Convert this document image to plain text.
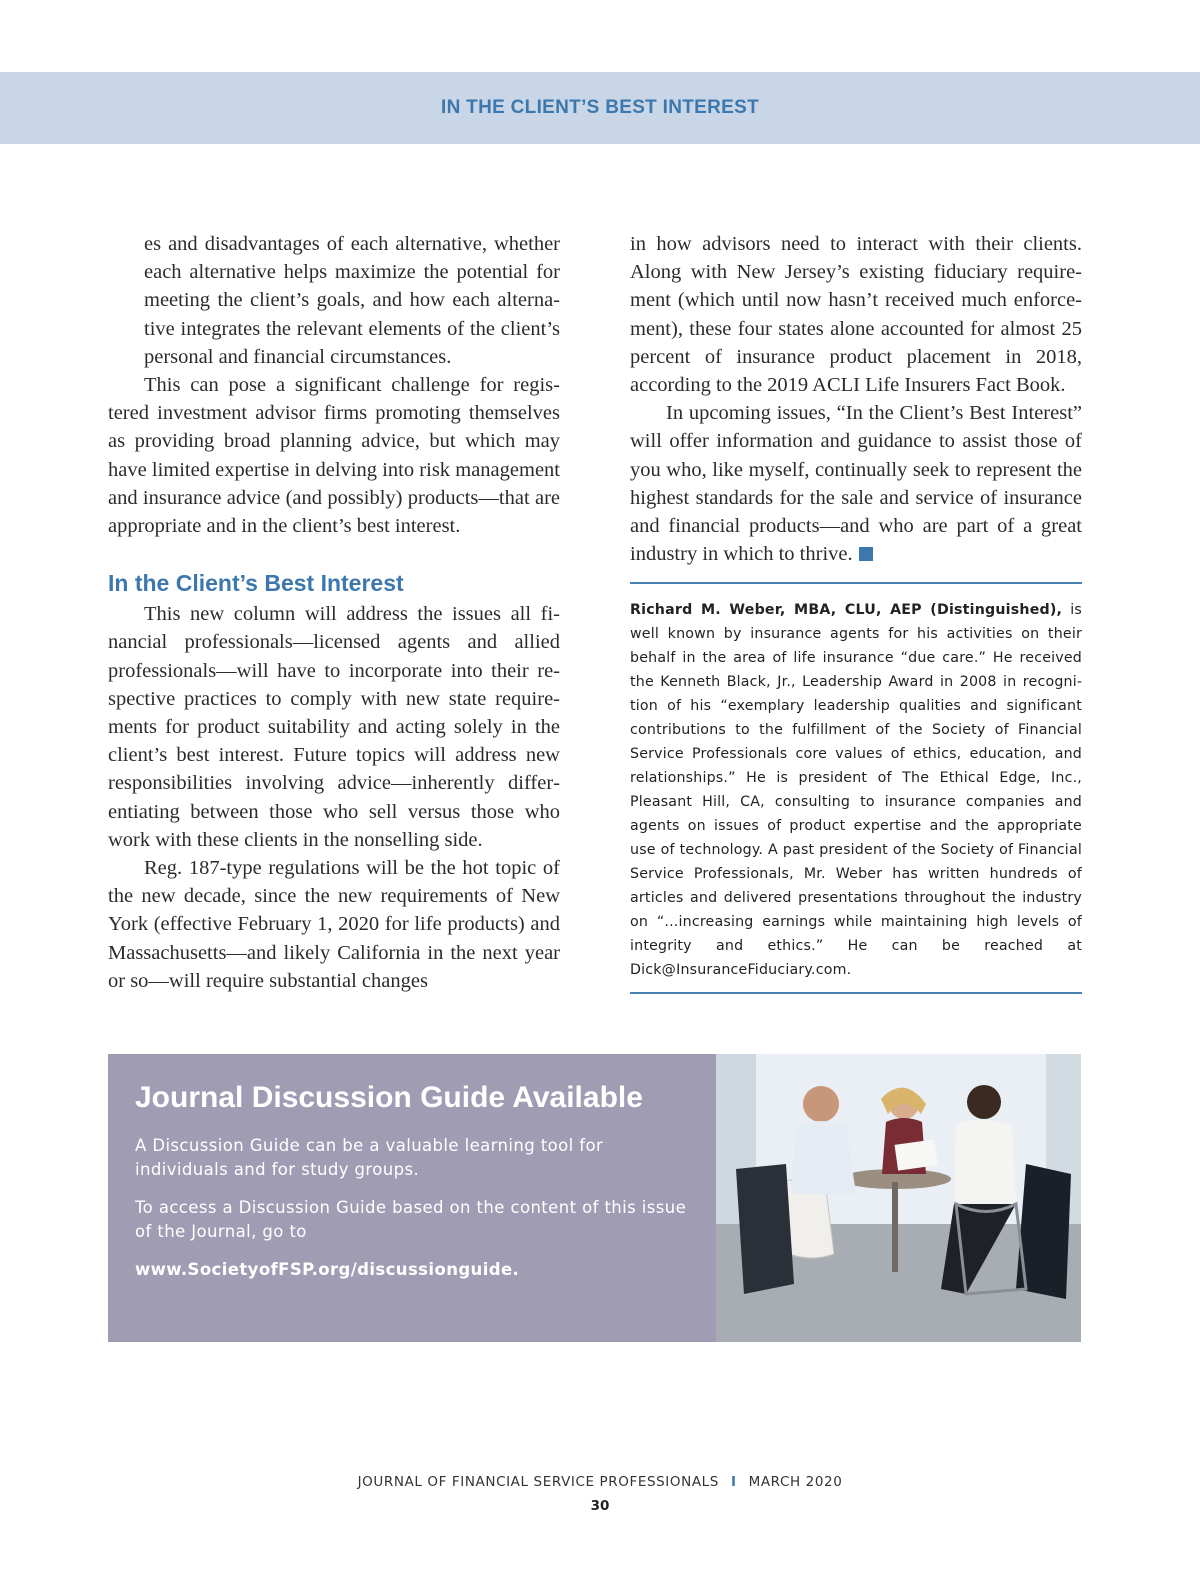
IN THE CLIENT’S BEST INTEREST

es and disadvantages of each alternative, whether each alternative helps maximize the potential for meeting the client’s goals, and how each alternative integrates the relevant elements of the client’s personal and financial circumstances.

This can pose a significant challenge for registered investment advisor firms promoting themselves as providing broad planning advice, but which may have limited expertise in delving into risk management and insurance advice (and possibly) products—that are appropriate and in the client’s best interest.

In the Client’s Best Interest

This new column will address the issues all financial professionals—licensed agents and allied professionals—will have to incorporate into their respective practices to comply with new state requirements for product suitability and acting solely in the client’s best interest. Future topics will address new responsibilities involving advice—inherently differentiating between those who sell versus those who work with these clients in the nonselling side.

Reg. 187-type regulations will be the hot topic of the new decade, since the new requirements of New York (effective February 1, 2020 for life products) and Massachusetts—and likely California in the next year or so—will require substantial changes

in how advisors need to interact with their clients. Along with New Jersey’s existing fiduciary requirement (which until now hasn’t received much enforcement), these four states alone accounted for almost 25 percent of insurance product placement in 2018, according to the 2019 ACLI Life Insurers Fact Book.

In upcoming issues, “In the Client’s Best Interest” will offer information and guidance to assist those of you who, like myself, continually seek to represent the highest standards for the sale and service of insurance and financial products—and who are part of a great industry in which to thrive.

Richard M. Weber, MBA, CLU, AEP (Distinguished), is well known by insurance agents for his activities on their behalf in the area of life insurance “due care.” He received the Kenneth Black, Jr., Leadership Award in 2008 in recognition of his “exemplary leadership qualities and significant contributions to the fulfillment of the Society of Financial Service Professionals core values of ethics, education, and relationships.” He is president of The Ethical Edge, Inc., Pleasant Hill, CA, consulting to insurance companies and agents on issues of product expertise and the appropriate use of technology. A past president of the Society of Financial Service Professionals, Mr. Weber has written hundreds of articles and delivered presentations throughout the industry on “...increasing earnings while maintaining high levels of integrity and ethics.” He can be reached at Dick@InsuranceFiduciary.com.
Journal Discussion Guide Available

A Discussion Guide can be a valuable learning tool for individuals and for study groups.

To access a Discussion Guide based on the content of this issue of the Journal, go to

www.SocietyofFSP.org/discussionguide.

JOURNAL OF FINANCIAL SERVICE PROFESSIONALS I MARCH 2020
30
